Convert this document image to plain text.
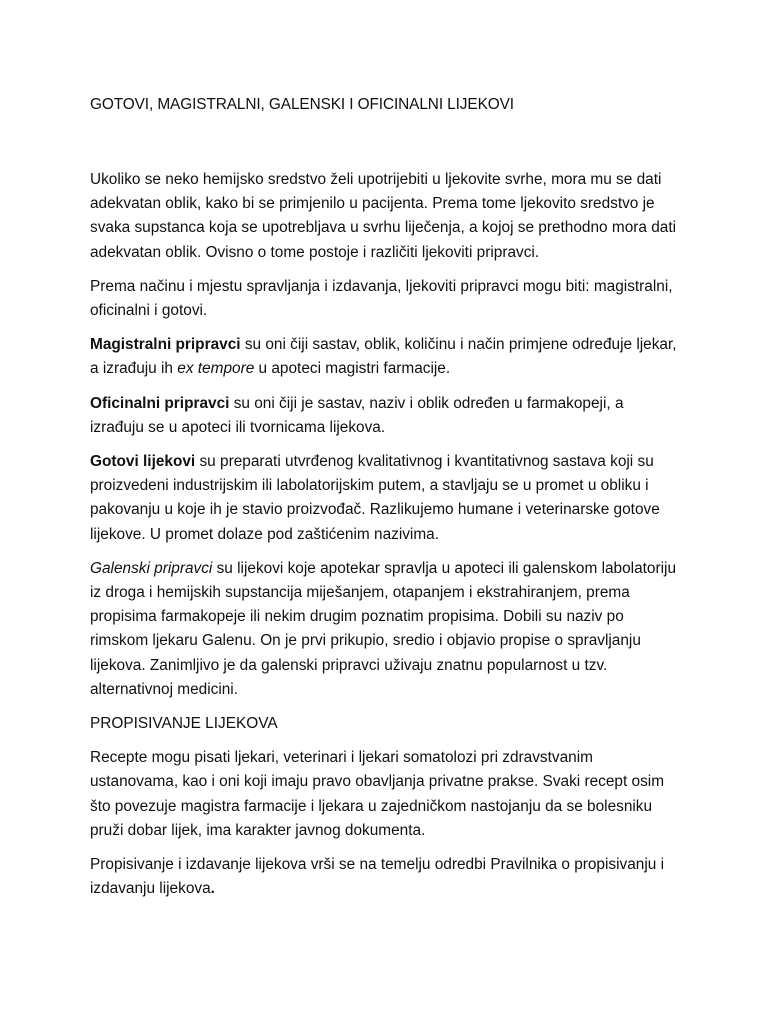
GOTOVI, MAGISTRALNI, GALENSKI I OFICINALNI LIJEKOVI

Ukoliko se neko hemijsko sredstvo želi upotrijebiti u ljekovite svrhe, mora mu se dati adekvatan oblik, kako bi se primjenilo u pacijenta. Prema tome ljekovito sredstvo je svaka supstanca koja se upotrebljava u svrhu liječenja, a kojoj se prethodno mora dati adekvatan oblik. Ovisno o tome postoje i različiti ljekoviti pripravci.

Prema načinu i mjestu spravljanja i izdavanja, ljekoviti pripravci mogu biti: magistralni, oficinalni i gotovi.

Magistralni pripravci su oni čiji sastav, oblik, količinu i način primjene određuje ljekar, a izrađuju ih ex tempore u apoteci magistri farmacije.

Oficinalni pripravci su oni čiji je sastav, naziv i oblik određen u farmakopeji, a izrađuju se u apoteci ili tvornicama lijekova.

Gotovi lijekovi su preparati utvrđenog kvalitativnog i kvantitativnog sastava koji su proizvedeni industrijskim ili labolatorijskim putem, a stavljaju se u promet u obliku i pakovanju u koje ih je stavio proizvođač. Razlikujemo humane i veterinarske gotove lijekove. U promet dolaze pod zaštićenim nazivima.

Galenski pripravci su lijekovi koje apotekar spravlja u apoteci ili galenskom labolatoriju iz droga i hemijskih supstancija miješanjem, otapanjem i ekstrahiranjem, prema propisima farmakopeje ili nekim drugim poznatim propisima. Dobili su naziv po rimskom ljekaru Galenu. On je prvi prikupio, sredio i objavio propise o spravljanju lijekova. Zanimljivo je da galenski pripravci uživaju znatnu popularnost u tzv. alternativnoj medicini.

PROPISIVANJE LIJEKOVA

Recepte mogu pisati ljekari, veterinari i ljekari somatolozi pri zdravstvanim ustanovama, kao i oni koji imaju pravo obavljanja privatne prakse. Svaki recept osim što povezuje magistra farmacije i ljekara u zajedničkom nastojanju da se bolesniku pruži dobar lijek, ima karakter javnog dokumenta.

Propisivanje i izdavanje lijekova vrši se na temelju odredbi Pravilnika o propisivanju i izdavanju lijekova.
